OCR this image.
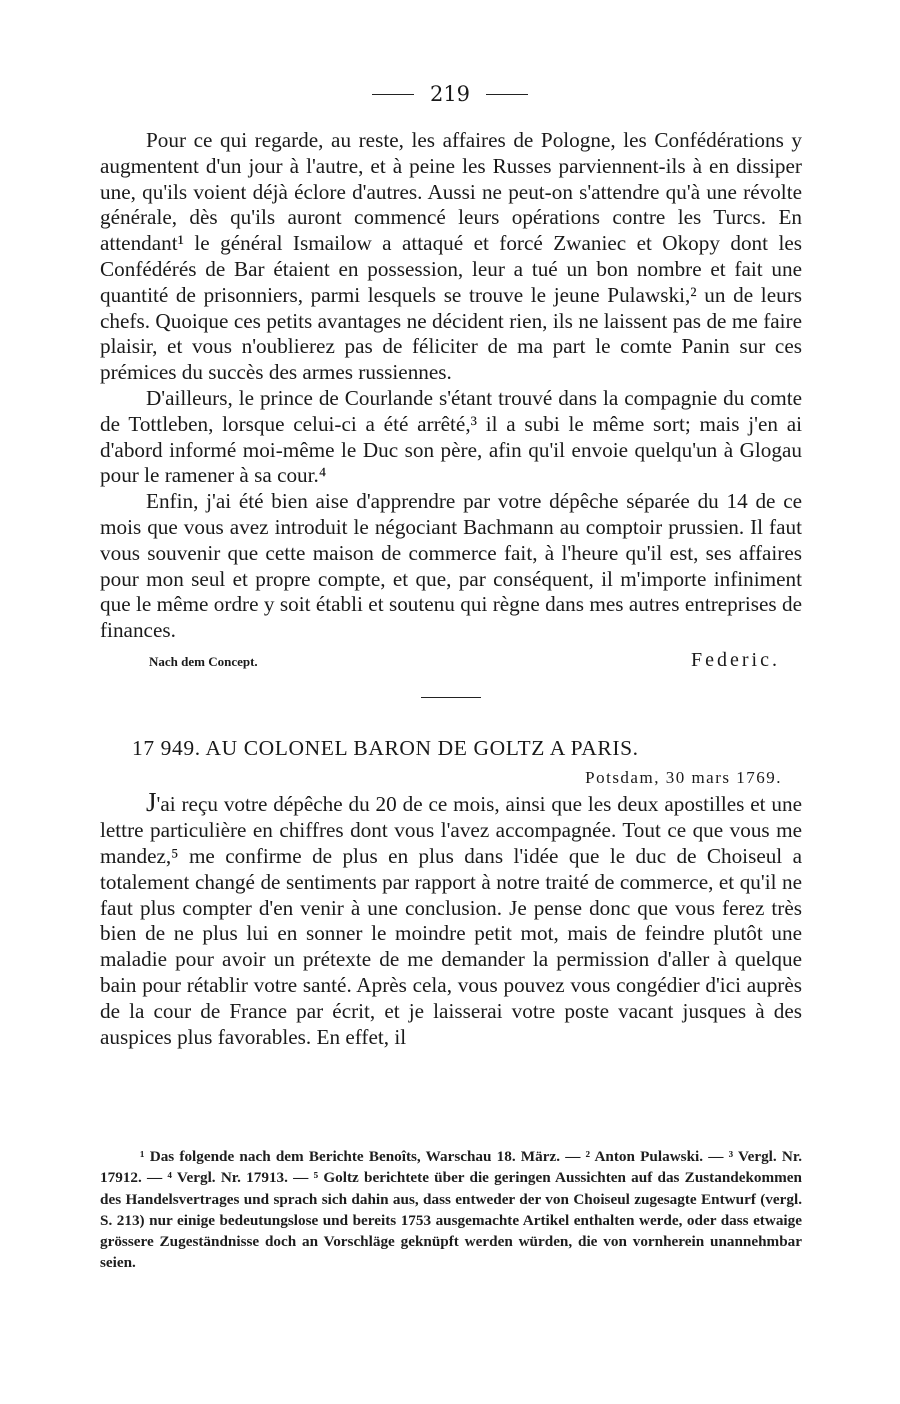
219

Pour ce qui regarde, au reste, les affaires de Pologne, les Confédérations y augmentent d'un jour à l'autre, et à peine les Russes parviennent-ils à en dissiper une, qu'ils voient déjà éclore d'autres. Aussi ne peut-on s'attendre qu'à une révolte générale, dès qu'ils auront commencé leurs opérations contre les Turcs. En attendant¹ le général Ismailow a attaqué et forcé Zwaniec et Okopy dont les Confédérés de Bar étaient en possession, leur a tué un bon nombre et fait une quantité de prisonniers, parmi lesquels se trouve le jeune Pulawski,² un de leurs chefs. Quoique ces petits avantages ne décident rien, ils ne laissent pas de me faire plaisir, et vous n'oublierez pas de féliciter de ma part le comte Panin sur ces prémices du succès des armes russiennes.

D'ailleurs, le prince de Courlande s'étant trouvé dans la compagnie du comte de Tottleben, lorsque celui-ci a été arrêté,³ il a subi le même sort; mais j'en ai d'abord informé moi-même le Duc son père, afin qu'il envoie quelqu'un à Glogau pour le ramener à sa cour.⁴

Enfin, j'ai été bien aise d'apprendre par votre dépêche séparée du 14 de ce mois que vous avez introduit le négociant Bachmann au comptoir prussien. Il faut vous souvenir que cette maison de commerce fait, à l'heure qu'il est, ses affaires pour mon seul et propre compte, et que, par conséquent, il m'importe infiniment que le même ordre y soit établi et soutenu qui règne dans mes autres entreprises de finances.

Nach dem Concept.	Federic.
17 949. AU COLONEL BARON DE GOLTZ A PARIS.
Potsdam, 30 mars 1769.

J'ai reçu votre dépêche du 20 de ce mois, ainsi que les deux apostilles et une lettre particulière en chiffres dont vous l'avez accompagnée. Tout ce que vous me mandez,⁵ me confirme de plus en plus dans l'idée que le duc de Choiseul a totalement changé de sentiments par rapport à notre traité de commerce, et qu'il ne faut plus compter d'en venir à une conclusion. Je pense donc que vous ferez très bien de ne plus lui en sonner le moindre petit mot, mais de feindre plutôt une maladie pour avoir un prétexte de me demander la permission d'aller à quelque bain pour rétablir votre santé. Après cela, vous pouvez vous congédier d'ici auprès de la cour de France par écrit, et je laisserai votre poste vacant jusques à des auspices plus favorables. En effet, il

¹ Das folgende nach dem Berichte Benoîts, Warschau 18. März. — ² Anton Pulawski. — ³ Vergl. Nr. 17912. — ⁴ Vergl. Nr. 17913. — ⁵ Goltz berichtete über die geringen Aussichten auf das Zustandekommen des Handelsvertrages und sprach sich dahin aus, dass entweder der von Choiseul zugesagte Entwurf (vergl. S. 213) nur einige bedeutungslose und bereits 1753 ausgemachte Artikel enthalten werde, oder dass etwaige grössere Zugeständnisse doch an Vorschläge geknüpft werden würden, die von vornherein unannehmbar seien.
